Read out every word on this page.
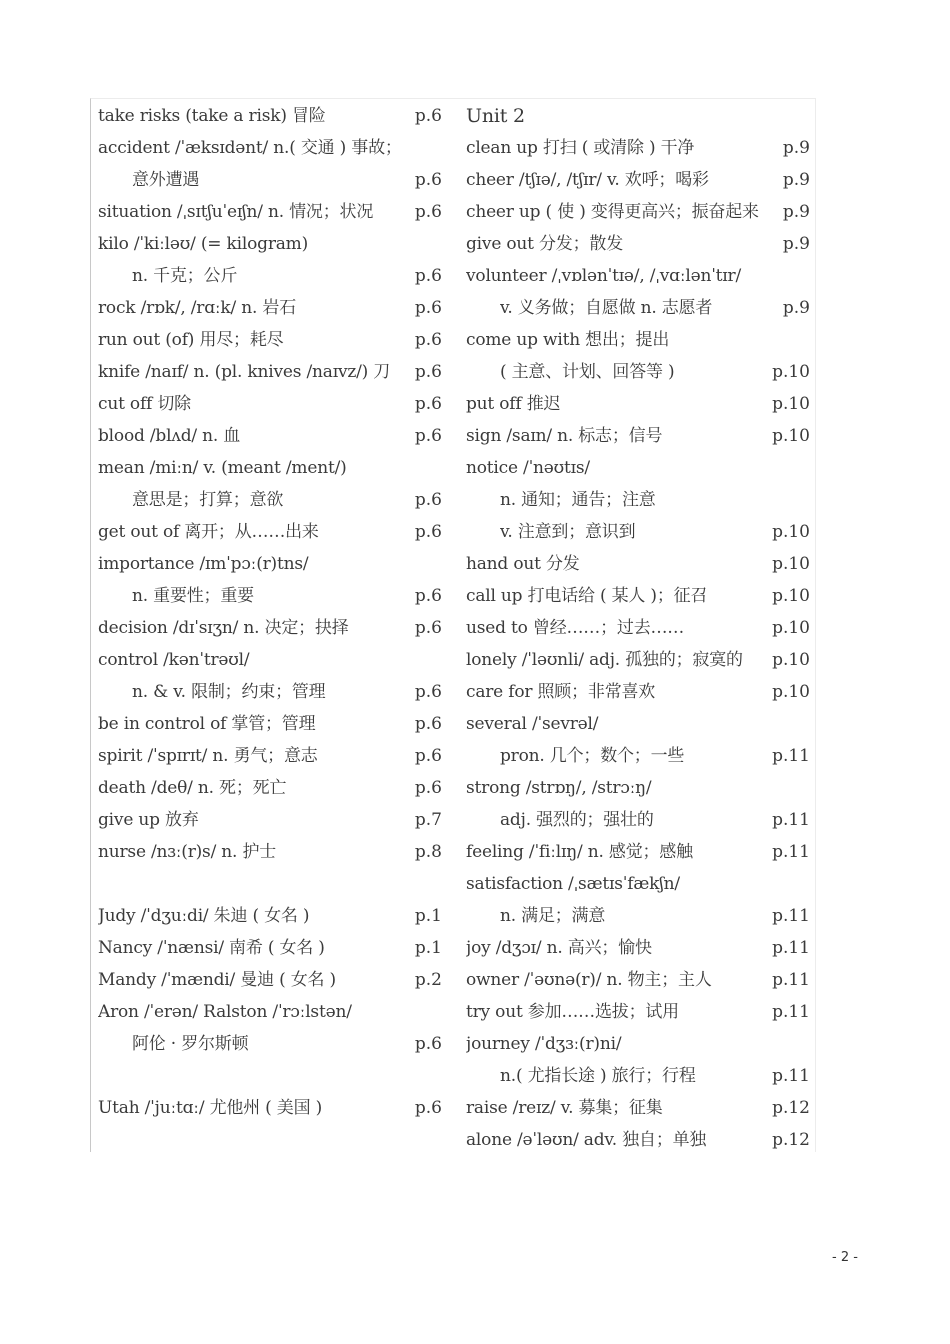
take risks (take a risk) 冒险	p.6
accident /ˈæksɪdənt/ n.( 交通 ) 事故；
意外遭遇	p.6
situation /ˌsɪtʃuˈeɪʃn/ n. 情况；状况	p.6
kilo /ˈkiːləʊ/ (= kilogram)
n. 千克；公斤	p.6
rock /rɒk/, /rɑːk/ n. 岩石	p.6
run out (of) 用尽；耗尽	p.6
knife /naɪf/ n. (pl. knives /naɪvz/) 刀	p.6
cut off 切除	p.6
blood /blʌd/ n. 血	p.6
mean /miːn/ v. (meant /ment/)
意思是；打算；意欲	p.6
get out of 离开；从……出来	p.6
importance /ɪmˈpɔː(r)tns/
n. 重要性；重要	p.6
decision /dɪˈsɪʒn/ n. 决定；抉择	p.6
control /kənˈtrəʊl/
n. & v. 限制；约束；管理	p.6
be in control of 掌管；管理	p.6
spirit /ˈspɪrɪt/ n. 勇气；意志	p.6
death /deθ/ n. 死；死亡	p.6
give up 放弃	p.7
nurse /nɜː(r)s/ n. 护士	p.8
Judy /ˈdʒuːdi/ 朱迪 ( 女名 )	p.1
Nancy /ˈnænsi/ 南希 ( 女名 )	p.1
Mandy /ˈmændi/ 曼迪 ( 女名 )	p.2
Aron /ˈerən/ Ralston /ˈrɔːlstən/
阿伦 · 罗尔斯顿	p.6
Utah /ˈjuːtɑː/ 尤他州 ( 美国 )	p.6
Unit 2
clean up 打扫 ( 或清除 ) 干净	p.9
cheer /tʃɪə/, /tʃɪr/ v. 欢呼；喝彩	p.9
cheer up ( 使 ) 变得更高兴；振奋起来	p.9
give out 分发；散发	p.9
volunteer /ˌvɒlənˈtɪə/, /ˌvɑːlənˈtɪr/
v. 义务做；自愿做 n. 志愿者	p.9
come up with 想出；提出
( 主意、计划、回答等 )	p.10
put off 推迟	p.10
sign /saɪn/ n. 标志；信号	p.10
notice /ˈnəʊtɪs/
n. 通知；通告；注意
v. 注意到；意识到	p.10
hand out 分发	p.10
call up 打电话给 ( 某人 )；征召	p.10
used to 曾经……；过去……	p.10
lonely /ˈləʊnli/ adj. 孤独的；寂寞的	p.10
care for 照顾；非常喜欢	p.10
several /ˈsevrəl/
pron. 几个；数个；一些	p.11
strong /strɒŋ/, /strɔːŋ/
adj. 强烈的；强壮的	p.11
feeling /ˈfiːlɪŋ/ n. 感觉；感触	p.11
satisfaction /ˌsætɪsˈfækʃn/
n. 满足；满意	p.11
joy /dʒɔɪ/ n. 高兴；愉快	p.11
owner /ˈəʊnə(r)/ n. 物主；主人	p.11
try out 参加……选拔；试用	p.11
journey /ˈdʒɜː(r)ni/
n.( 尤指长途 ) 旅行；行程	p.11
raise /reɪz/ v. 募集；征集	p.12
alone /əˈləʊn/ adv. 独自；单独	p.12
- 2 -
